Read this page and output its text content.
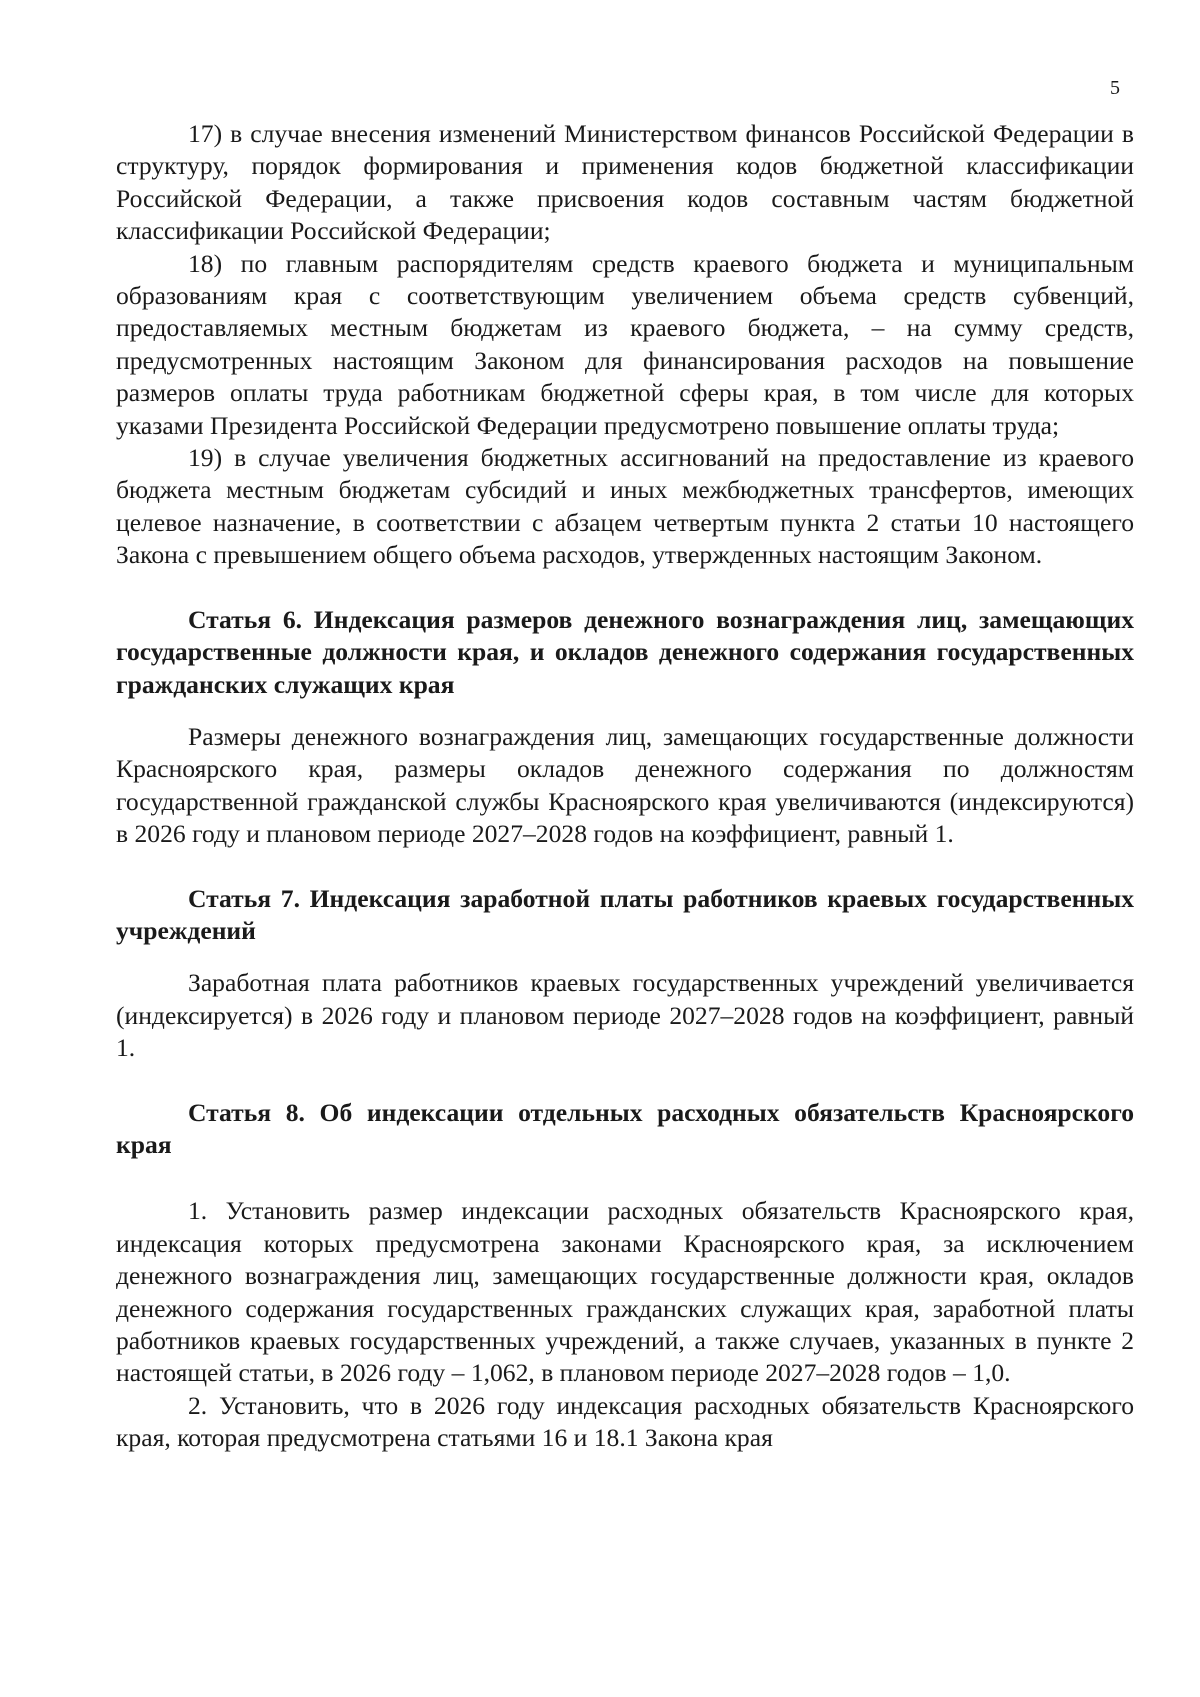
5

17) в случае внесения изменений Министерством финансов Российской Федерации в структуру, порядок формирования и применения кодов бюджетной классификации Российской Федерации, а также присвоения кодов составным частям бюджетной классификации Российской Федерации;

18) по главным распорядителям средств краевого бюджета и муниципальным образованиям края с соответствующим увеличением объема средств субвенций, предоставляемых местным бюджетам из краевого бюджета, – на сумму средств, предусмотренных настоящим Законом для финансирования расходов на повышение размеров оплаты труда работникам бюджетной сферы края, в том числе для которых указами Президента Российской Федерации предусмотрено повышение оплаты труда;

19) в случае увеличения бюджетных ассигнований на предоставление из краевого бюджета местным бюджетам субсидий и иных межбюджетных трансфертов, имеющих целевое назначение, в соответствии с абзацем четвертым пункта 2 статьи 10 настоящего Закона с превышением общего объема расходов, утвержденных настоящим Законом.

Статья 6. Индексация размеров денежного вознаграждения лиц, замещающих государственные должности края, и окладов денежного содержания государственных гражданских служащих края

Размеры денежного вознаграждения лиц, замещающих государственные должности Красноярского края, размеры окладов денежного содержания по должностям государственной гражданской службы Красноярского края увеличиваются (индексируются) в 2026 году и плановом периоде 2027–2028 годов на коэффициент, равный 1.

Статья 7. Индексация заработной платы работников краевых государственных учреждений

Заработная плата работников краевых государственных учреждений увеличивается (индексируется) в 2026 году и плановом периоде 2027–2028 годов на коэффициент, равный 1.

Статья 8. Об индексации отдельных расходных обязательств Красноярского края

1. Установить размер индексации расходных обязательств Красноярского края, индексация которых предусмотрена законами Красноярского края, за исключением денежного вознаграждения лиц, замещающих государственные должности края, окладов денежного содержания государственных гражданских служащих края, заработной платы работников краевых государственных учреждений, а также случаев, указанных в пункте 2 настоящей статьи, в 2026 году – 1,062, в плановом периоде 2027–2028 годов – 1,0.

2. Установить, что в 2026 году индексация расходных обязательств Красноярского края, которая предусмотрена статьями 16 и 18.1 Закона края
